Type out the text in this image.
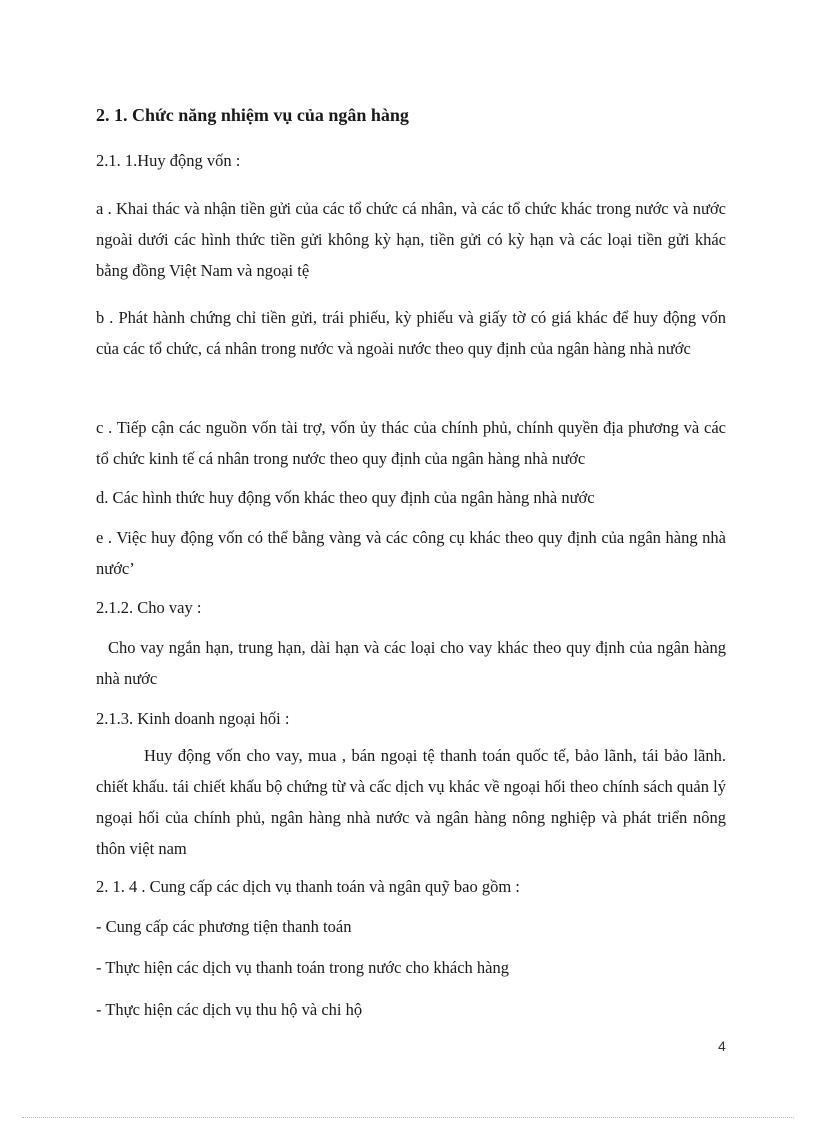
2. 1. Chức năng nhiệm vụ của ngân hàng

2.1. 1.Huy động vốn :

a . Khai thác và nhận tiền gửi của các tổ chức cá nhân, và các tổ chức khác trong nước và nước ngoài dưới các hình thức tiền gửi không kỳ hạn, tiền gửi có kỳ hạn và các loại tiền gửi khác bằng đồng Việt Nam và ngoại tệ

b . Phát hành chứng chỉ tiền gửi, trái phiếu, kỳ phiếu và giấy tờ có giá khác để huy động vốn của các tổ chức, cá nhân trong nước và ngoài nước theo quy định của ngân hàng nhà nước

c . Tiếp cận các nguồn vốn tài trợ, vốn ủy thác của chính phủ, chính quyền địa phương và các tổ chức kinh tế cá nhân trong nước theo quy định của ngân hàng nhà nước

d. Các hình thức huy động vốn khác theo quy định của ngân hàng nhà nước

e . Việc huy động vốn có thể bằng vàng và các công cụ khác theo quy định của ngân hàng nhà nước’

2.1.2. Cho vay :

Cho vay ngắn hạn, trung hạn, dài hạn và các loại cho vay khác theo quy định của ngân hàng nhà nước

2.1.3. Kinh doanh ngoại hối :

Huy động vốn cho vay, mua , bán ngoại tệ thanh toán quốc tế, bảo lãnh, tái bảo lãnh. chiết khấu. tái chiết khấu bộ chứng từ và cấc dịch vụ khác về ngoại hối theo chính sách quản lý ngoại hối của chính phủ, ngân hàng nhà nước và ngân hàng nông nghiệp và phát triển nông thôn việt nam

2. 1. 4 . Cung cấp các dịch vụ thanh toán và ngân quỹ bao gồm :

- Cung cấp các phương tiện thanh toán

- Thực hiện các dịch vụ thanh toán trong nước cho khách hàng

- Thực hiện các dịch vụ thu hộ và chi hộ

4
